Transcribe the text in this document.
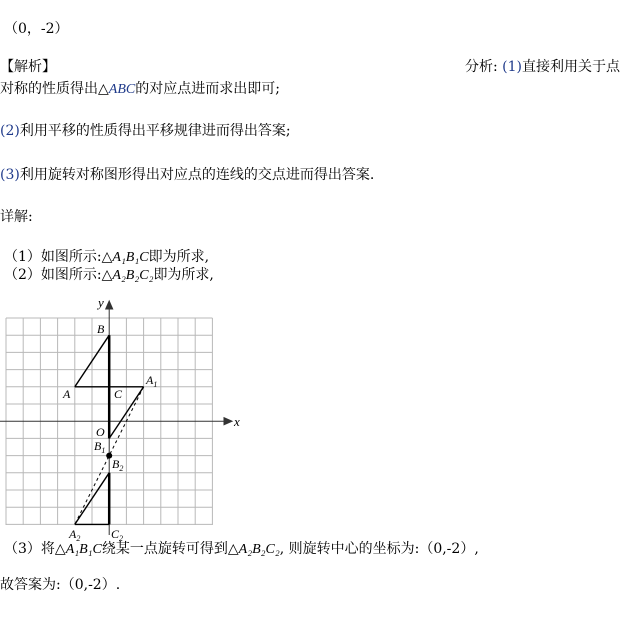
（0，-2）
【解析】	分析: (1)直接利用关于点
对称的性质得出△ABC的对应点进而求出即可;
(2)利用平移的性质得出平移规律进而得出答案;
(3)利用旋转对称图形得出对应点的连线的交点进而得出答案.
详解:
（1）如图所示:△A₁B₁C即为所求,
（2）如图所示:△A₂B₂C₂即为所求,
x
y
B
A	C
O
$A_1$
$B_1$
$B_2$
$A_2$	$C_2$
（3）将△A₁B₁C绕某一点旋转可得到△A₂B₂C₂, 则旋转中心的坐标为:（0,-2）,
故答案为:（0,-2）.
